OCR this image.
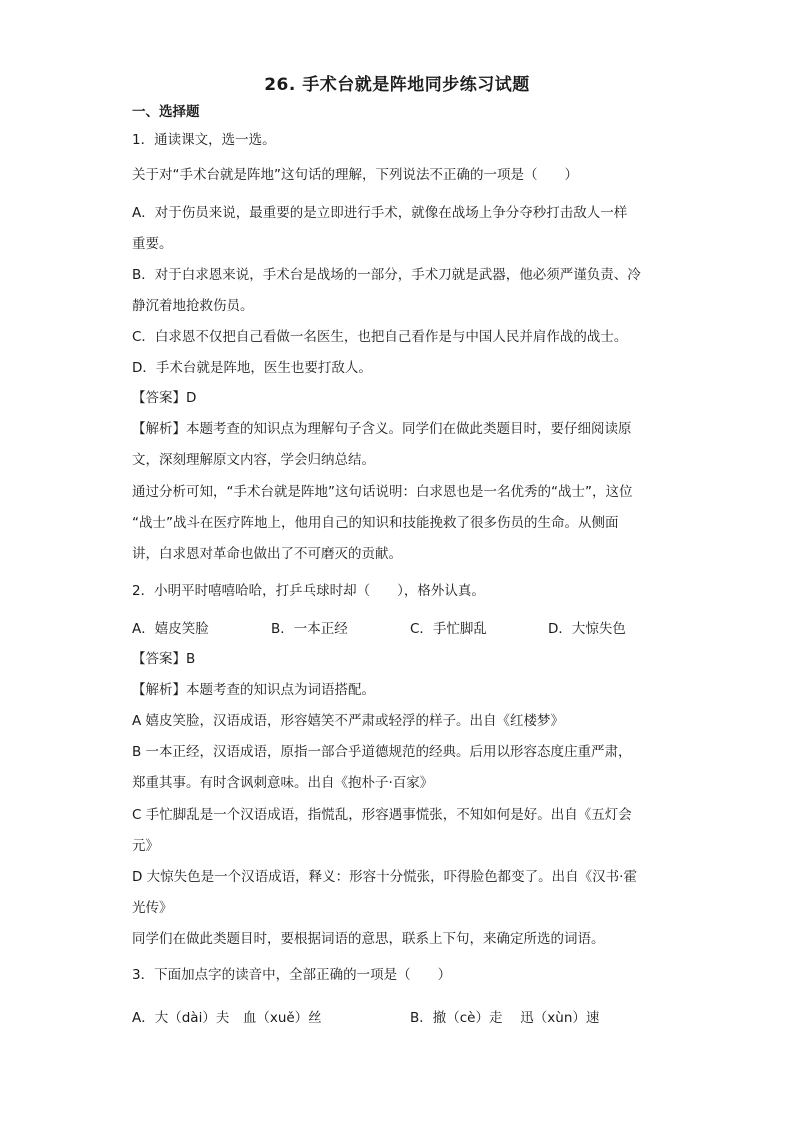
26. 手术台就是阵地同步练习试题
一、选择题
1．通读课文，选一选。
关于对“手术台就是阵地”这句话的理解，下列说法不正确的一项是（　　）
A．对于伤员来说，最重要的是立即进行手术，就像在战场上争分夺秒打击敌人一样
重要。
B．对于白求恩来说，手术台是战场的一部分，手术刀就是武器，他必须严谨负责、冷
静沉着地抢救伤员。
C．白求恩不仅把自己看做一名医生，也把自己看作是与中国人民并肩作战的战士。
D．手术台就是阵地，医生也要打敌人。
【答案】D
【解析】本题考查的知识点为理解句子含义。同学们在做此类题目时，要仔细阅读原
文，深刻理解原文内容，学会归纳总结。
通过分析可知，“手术台就是阵地”这句话说明：白求恩也是一名优秀的“战士”，这位
“战士”战斗在医疗阵地上，他用自己的知识和技能挽救了很多伤员的生命。从侧面
讲，白求恩对革命也做出了不可磨灭的贡献。
2．小明平时嘻嘻哈哈，打乒乓球时却（　　），格外认真。
A．嬉皮笑脸	B．一本正经	C．手忙脚乱	D．大惊失色
【答案】B
【解析】本题考查的知识点为词语搭配。
A 嬉皮笑脸，汉语成语，形容嬉笑不严肃或轻浮的样子。出自《红楼梦》
B 一本正经，汉语成语，原指一部合乎道德规范的经典。后用以形容态度庄重严肃，
郑重其事。有时含讽刺意味。出自《抱朴子·百家》
C 手忙脚乱是一个汉语成语，指慌乱，形容遇事慌张，不知如何是好。出自《五灯会
元》
D 大惊失色是一个汉语成语，释义：形容十分慌张，吓得脸色都变了。出自《汉书·霍
光传》
同学们在做此类题目时，要根据词语的意思，联系上下句，来确定所选的词语。
3．下面加点字的读音中，全部正确的一项是（　　）
A．大（dài）夫　血（xuě）丝	B．撤（cè）走　 迅（xùn）速
